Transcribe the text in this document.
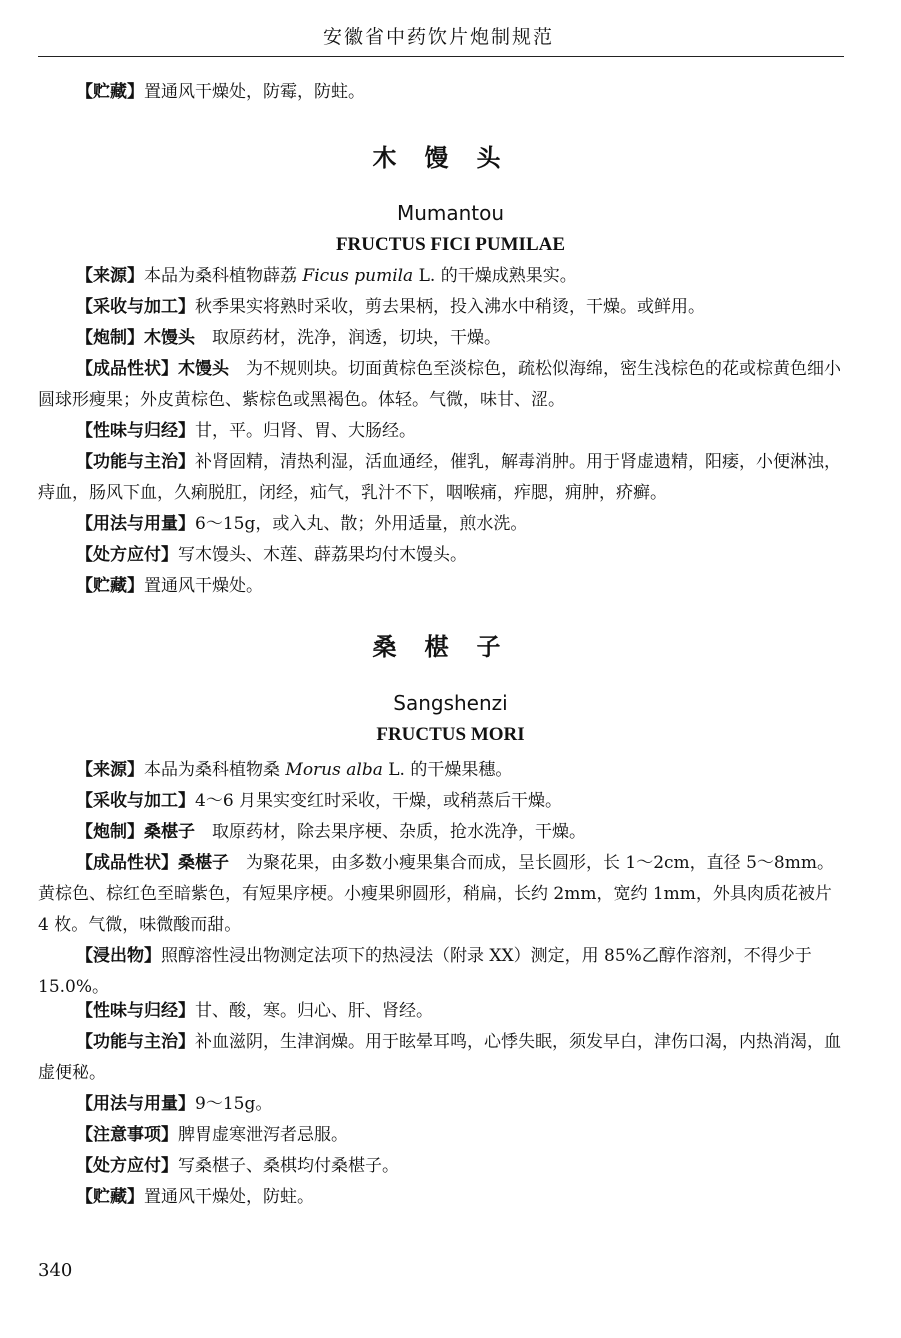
安徽省中药饮片炮制规范
【贮藏】置通风干燥处，防霉，防蛀。
木馒头
Mumantou
FRUCTUS FICI PUMILAE
【来源】本品为桑科植物薜荔 Ficus pumila L. 的干燥成熟果实。
【采收与加工】秋季果实将熟时采收，剪去果柄，投入沸水中稍烫，干燥。或鲜用。
【炮制】木馒头　取原药材，洗净，润透，切块，干燥。
【成品性状】木馒头　为不规则块。切面黄棕色至淡棕色，疏松似海绵，密生浅棕色的花或棕黄色细小圆球形瘦果；外皮黄棕色、紫棕色或黑褐色。体轻。气微，味甘、涩。
【性味与归经】甘，平。归肾、胃、大肠经。
【功能与主治】补肾固精，清热利湿，活血通经，催乳，解毒消肿。用于肾虚遗精，阳痿，小便淋浊，痔血，肠风下血，久痢脱肛，闭经，疝气，乳汁不下，咽喉痛，痄腮，痈肿，疥癣。
【用法与用量】6～15g，或入丸、散；外用适量，煎水洗。
【处方应付】写木馒头、木莲、薜荔果均付木馒头。
【贮藏】置通风干燥处。
桑椹子
Sangshenzi
FRUCTUS MORI
【来源】本品为桑科植物桑 Morus alba L. 的干燥果穗。
【采收与加工】4～6 月果实变红时采收，干燥，或稍蒸后干燥。
【炮制】桑椹子　取原药材，除去果序梗、杂质，抢水洗净，干燥。
【成品性状】桑椹子　为聚花果，由多数小瘦果集合而成，呈长圆形，长 1～2cm，直径 5～8mm。黄棕色、棕红色至暗紫色，有短果序梗。小瘦果卵圆形，稍扁，长约 2mm，宽约 1mm，外具肉质花被片 4 枚。气微，味微酸而甜。
【浸出物】照醇溶性浸出物测定法项下的热浸法（附录 XX）测定，用 85%乙醇作溶剂，不得少于 15.0%。
【性味与归经】甘、酸，寒。归心、肝、肾经。
【功能与主治】补血滋阴，生津润燥。用于眩晕耳鸣，心悸失眠，须发早白，津伤口渴，内热消渴，血虚便秘。
【用法与用量】9～15g。
【注意事项】脾胃虚寒泄泻者忌服。
【处方应付】写桑椹子、桑棋均付桑椹子。
【贮藏】置通风干燥处，防蛀。
340
